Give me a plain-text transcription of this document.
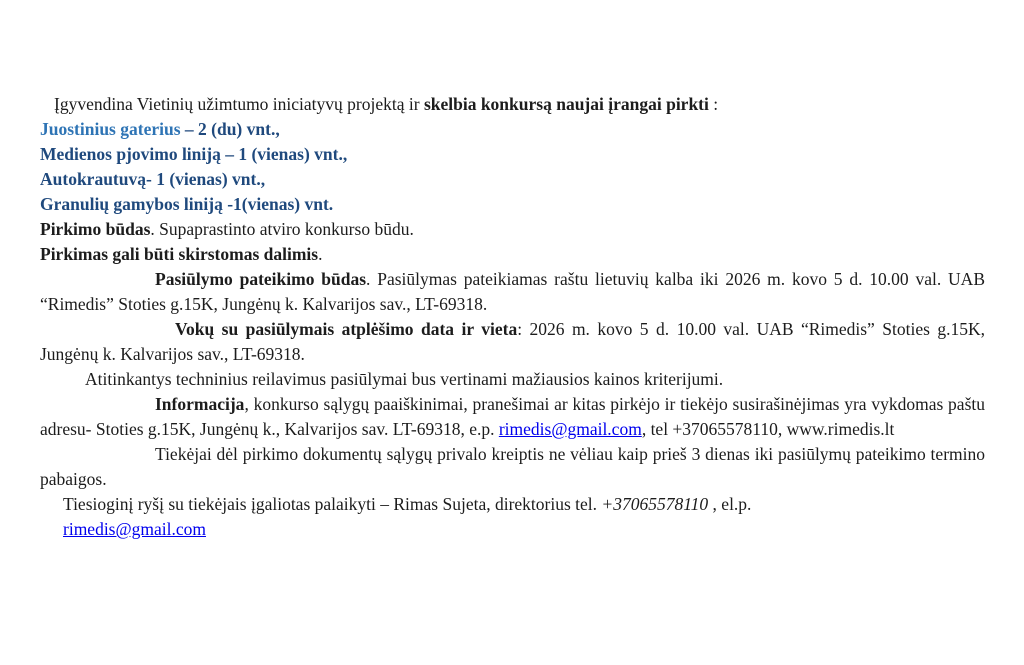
Įgyvendina Vietinių užimtumo iniciatyvų projektą ir skelbia konkursą naujai įrangai pirkti :

Juostinius gaterius – 2 (du) vnt.,

Medienos pjovimo liniją – 1 (vienas) vnt.,

Autokrautuvą- 1 (vienas) vnt.,

Granulių gamybos liniją -1(vienas) vnt.

Pirkimo būdas. Supaprastinto atviro konkurso būdu.

Pirkimas gali būti skirstomas dalimis.

Pasiūlymo pateikimo būdas. Pasiūlymas pateikiamas raštu lietuvių kalba iki 2026 m. kovo 5 d. 10.00 val. UAB “Rimedis” Stoties g.15K, Jungėnų k. Kalvarijos sav., LT-69318.

Vokų su pasiūlymais atplėšimo data ir vieta: 2026 m. kovo 5 d. 10.00 val. UAB “Rimedis” Stoties g.15K, Jungėnų k. Kalvarijos sav., LT-69318.

Atitinkantys techninius reilavimus pasiūlymai bus vertinami mažiausios kainos kriterijumi.

Informacija, konkurso sąlygų paaiškinimai, pranešimai ar kitas pirkėjo ir tiekėjo susirašinėjimas yra vykdomas paštu adresu- Stoties g.15K, Jungėnų k., Kalvarijos sav. LT-69318, e.p. rimedis@gmail.com, tel +37065578110, www.rimedis.lt

Tiekėjai dėl pirkimo dokumentų sąlygų privalo kreiptis ne vėliau kaip prieš 3 dienas iki pasiūlymų pateikimo termino pabaigos.

Tiesioginį ryšį su tiekėjais įgaliotas palaikyti – Rimas Sujeta, direktorius tel. +37065578110 , el.p.

rimedis@gmail.com
